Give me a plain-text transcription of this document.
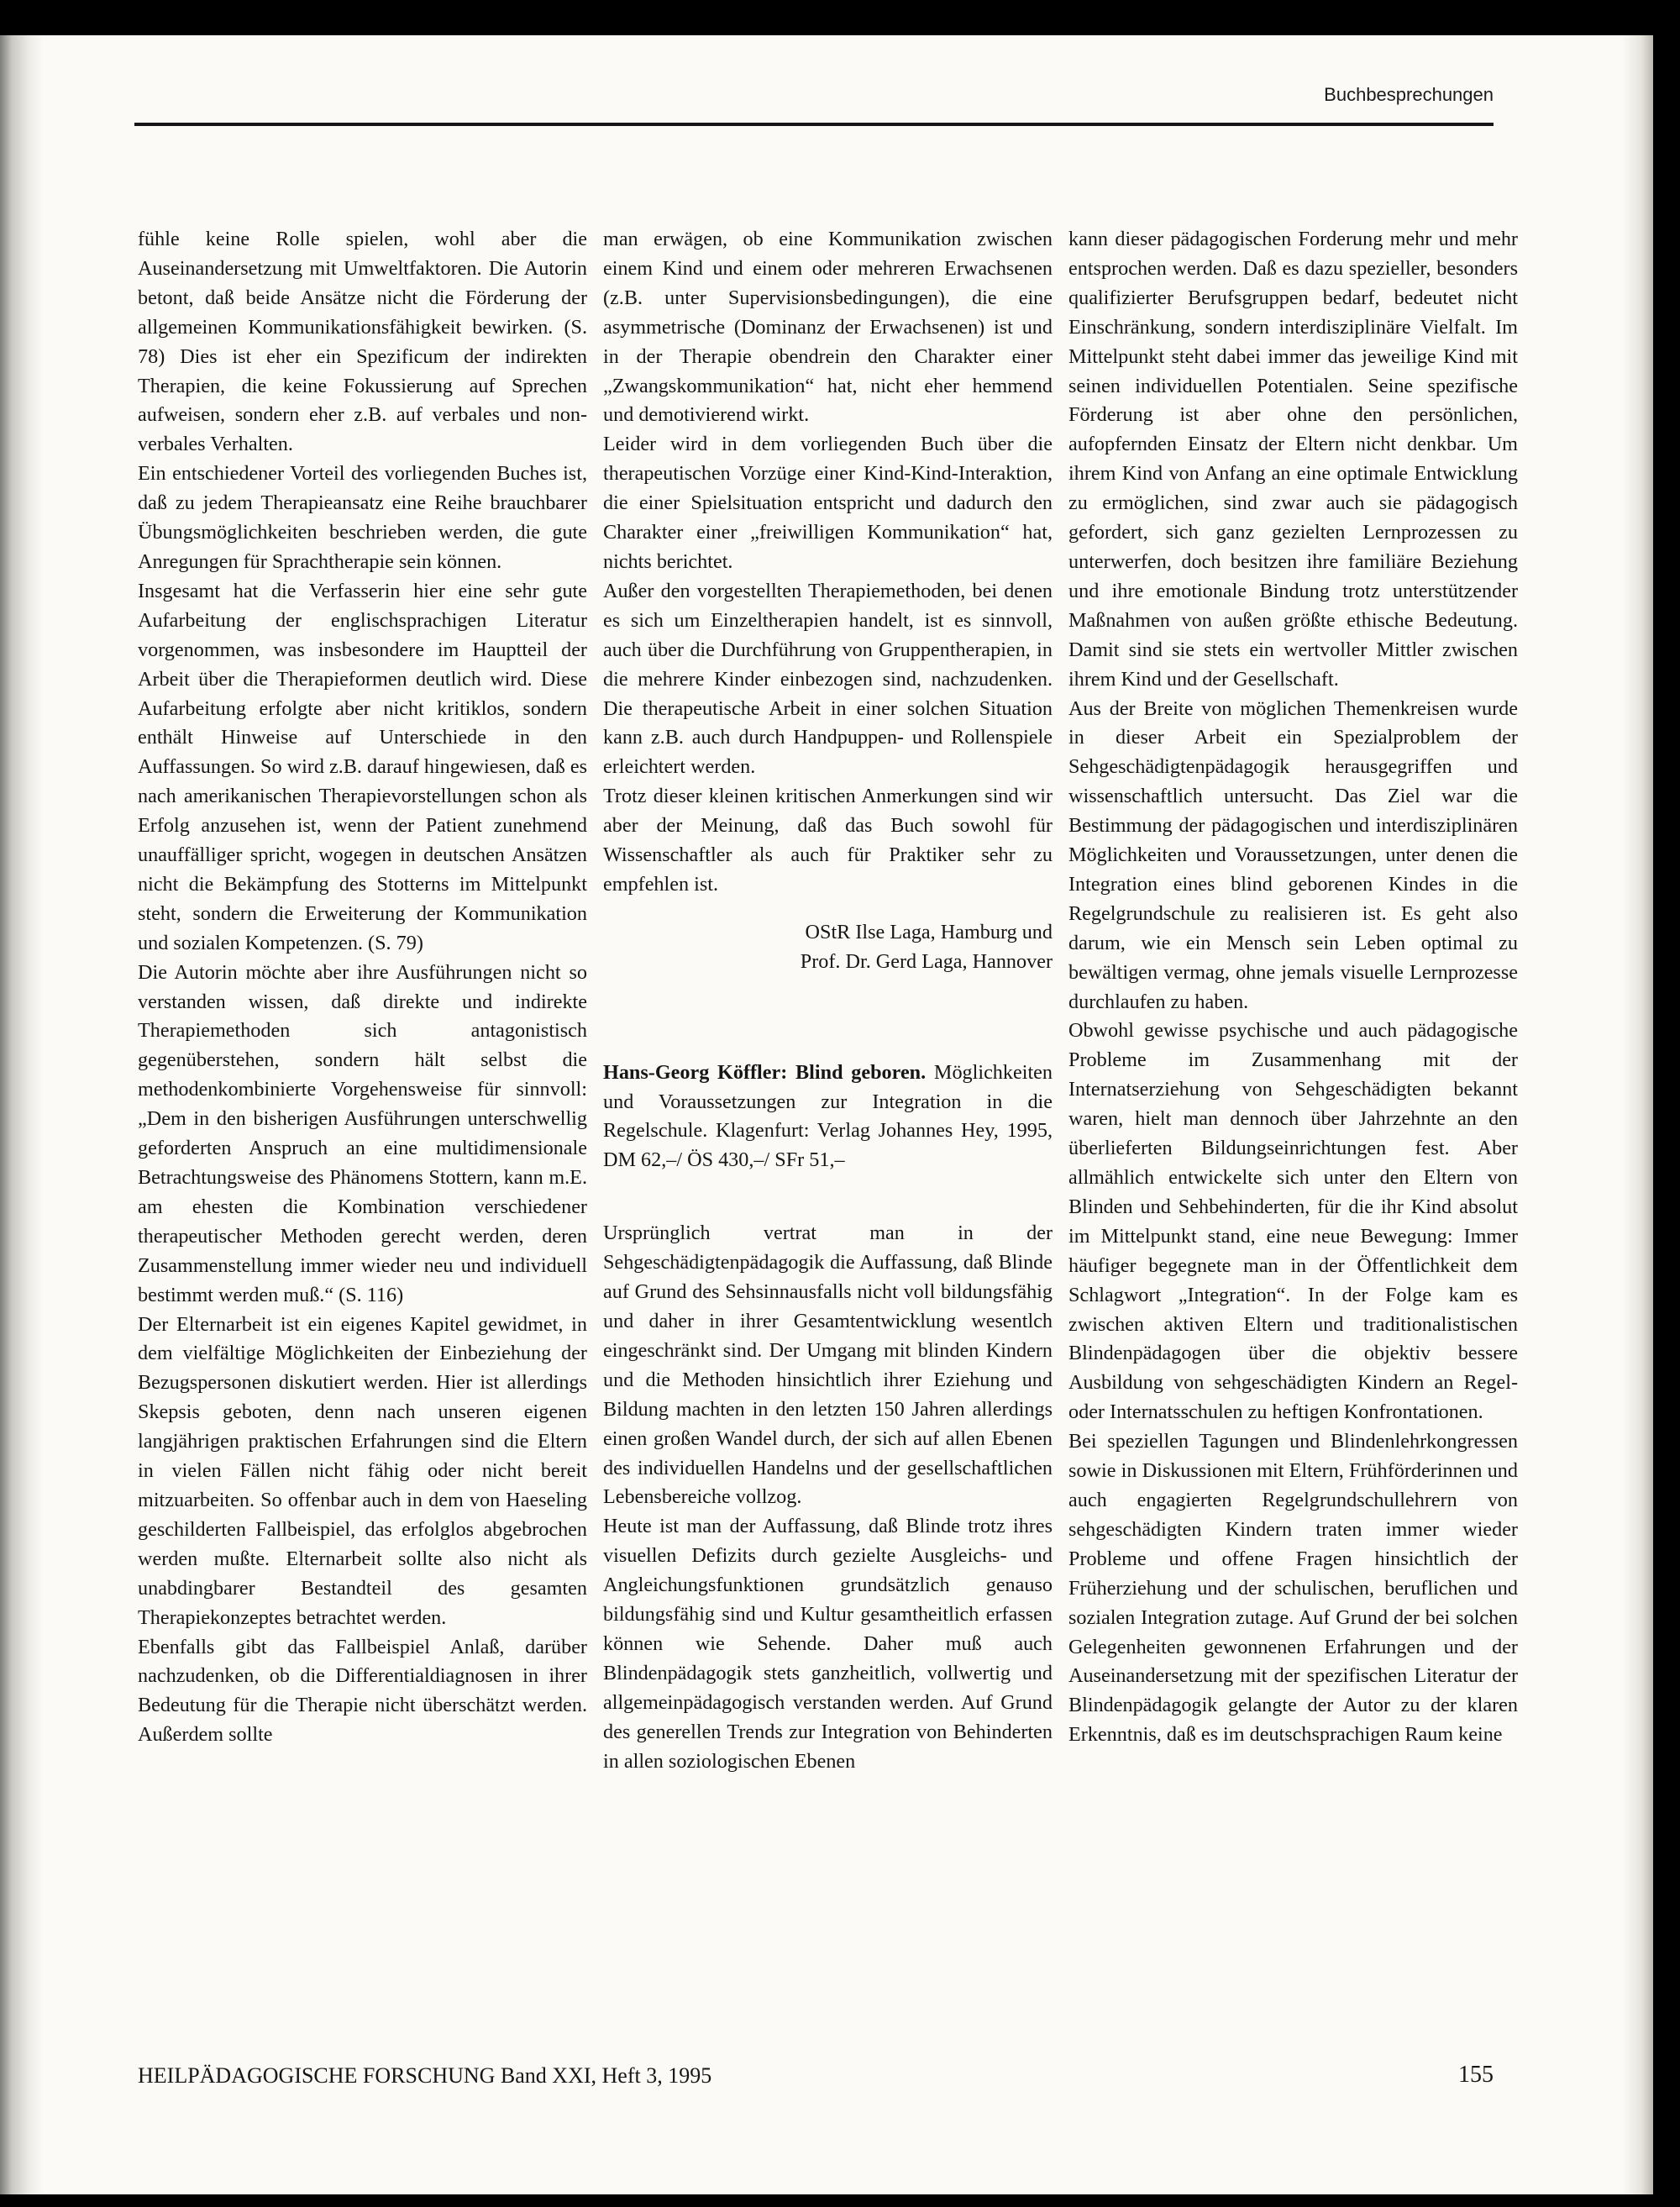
Buchbesprechungen

fühle keine Rolle spielen, wohl aber die Auseinandersetzung mit Umweltfaktoren. Die Autorin betont, daß beide Ansätze nicht die Förderung der allgemeinen Kommunikationsfähigkeit bewirken. (S. 78) Dies ist eher ein Spezificum der indirekten Therapien, die keine Fokussierung auf Sprechen aufweisen, sondern eher z.B. auf verbales und non-verbales Verhalten.

Ein entschiedener Vorteil des vorliegenden Buches ist, daß zu jedem Therapieansatz eine Reihe brauchbarer Übungsmöglichkeiten beschrieben werden, die gute Anregungen für Sprachtherapie sein können.

Insgesamt hat die Verfasserin hier eine sehr gute Aufarbeitung der englischsprachigen Literatur vorgenommen, was insbesondere im Hauptteil der Arbeit über die Therapieformen deutlich wird. Diese Aufarbeitung erfolgte aber nicht kritiklos, sondern enthält Hinweise auf Unterschiede in den Auffassungen. So wird z.B. darauf hingewiesen, daß es nach amerikanischen Therapievorstellungen schon als Erfolg anzusehen ist, wenn der Patient zunehmend unauffälliger spricht, wogegen in deutschen Ansätzen nicht die Bekämpfung des Stotterns im Mittelpunkt steht, sondern die Erweiterung der Kommunikation und sozialen Kompetenzen. (S. 79)

Die Autorin möchte aber ihre Ausführungen nicht so verstanden wissen, daß direkte und indirekte Therapiemethoden sich antagonistisch gegenüberstehen, sondern hält selbst die methodenkombinierte Vorgehensweise für sinnvoll: „Dem in den bisherigen Ausführungen unterschwellig geforderten Anspruch an eine multidimensionale Betrachtungsweise des Phänomens Stottern, kann m.E. am ehesten die Kombination verschiedener therapeutischer Methoden gerecht werden, deren Zusammenstellung immer wieder neu und individuell bestimmt werden muß.“ (S. 116)

Der Elternarbeit ist ein eigenes Kapitel gewidmet, in dem vielfältige Möglichkeiten der Einbeziehung der Bezugspersonen diskutiert werden. Hier ist allerdings Skepsis geboten, denn nach unseren eigenen langjährigen praktischen Erfahrungen sind die Eltern in vielen Fällen nicht fähig oder nicht bereit mitzuarbeiten. So offenbar auch in dem von Haeseling geschilderten Fallbeispiel, das erfolglos abgebrochen werden mußte. Elternarbeit sollte also nicht als unabdingbarer Bestandteil des gesamten Therapiekonzeptes betrachtet werden.

Ebenfalls gibt das Fallbeispiel Anlaß, darüber nachzudenken, ob die Differentialdiagnosen in ihrer Bedeutung für die Therapie nicht überschätzt werden. Außerdem sollte

man erwägen, ob eine Kommunikation zwischen einem Kind und einem oder mehreren Erwachsenen (z.B. unter Supervisionsbedingungen), die eine asymmetrische (Dominanz der Erwachsenen) ist und in der Therapie obendrein den Charakter einer „Zwangskommunikation“ hat, nicht eher hemmend und demotivierend wirkt.

Leider wird in dem vorliegenden Buch über die therapeutischen Vorzüge einer Kind-Kind-Interaktion, die einer Spielsituation entspricht und dadurch den Charakter einer „freiwilligen Kommunikation“ hat, nichts berichtet.

Außer den vorgestellten Therapiemethoden, bei denen es sich um Einzeltherapien handelt, ist es sinnvoll, auch über die Durchführung von Gruppentherapien, in die mehrere Kinder einbezogen sind, nachzudenken. Die therapeutische Arbeit in einer solchen Situation kann z.B. auch durch Handpuppen- und Rollenspiele erleichtert werden.

Trotz dieser kleinen kritischen Anmerkungen sind wir aber der Meinung, daß das Buch sowohl für Wissenschaftler als auch für Praktiker sehr zu empfehlen ist.

OStR Ilse Laga, Hamburg und

Prof. Dr. Gerd Laga, Hannover

Hans-Georg Köffler: Blind geboren. Möglichkeiten und Voraussetzungen zur Integration in die Regelschule. Klagenfurt: Verlag Johannes Hey, 1995, DM 62,–/ ÖS 430,–/ SFr 51,–

Ursprünglich vertrat man in der Sehgeschädigtenpädagogik die Auffassung, daß Blinde auf Grund des Sehsinnausfalls nicht voll bildungsfähig und daher in ihrer Gesamtentwicklung wesentlch eingeschränkt sind. Der Umgang mit blinden Kindern und die Methoden hinsichtlich ihrer Eziehung und Bildung machten in den letzten 150 Jahren allerdings einen großen Wandel durch, der sich auf allen Ebenen des individuellen Handelns und der gesellschaftlichen Lebensbereiche vollzog.

Heute ist man der Auffassung, daß Blinde trotz ihres visuellen Defizits durch gezielte Ausgleichs- und Angleichungsfunktionen grundsätzlich genauso bildungsfähig sind und Kultur gesamtheitlich erfassen können wie Sehende. Daher muß auch Blindenpädagogik stets ganzheitlich, vollwertig und allgemeinpädagogisch verstanden werden. Auf Grund des generellen Trends zur Integration von Behinderten in allen soziologischen Ebenen

kann dieser pädagogischen Forderung mehr und mehr entsprochen werden. Daß es dazu spezieller, besonders qualifizierter Berufsgruppen bedarf, bedeutet nicht Einschränkung, sondern interdisziplinäre Vielfalt. Im Mittelpunkt steht dabei immer das jeweilige Kind mit seinen individuellen Potentialen. Seine spezifische Förderung ist aber ohne den persönlichen, aufopfernden Einsatz der Eltern nicht denkbar. Um ihrem Kind von Anfang an eine optimale Entwicklung zu ermöglichen, sind zwar auch sie pädagogisch gefordert, sich ganz gezielten Lernprozessen zu unterwerfen, doch besitzen ihre familiäre Beziehung und ihre emotionale Bindung trotz unterstützender Maßnahmen von außen größte ethische Bedeutung. Damit sind sie stets ein wertvoller Mittler zwischen ihrem Kind und der Gesellschaft.

Aus der Breite von möglichen Themenkreisen wurde in dieser Arbeit ein Spezialproblem der Sehgeschädigtenpädagogik herausgegriffen und wissenschaftlich untersucht. Das Ziel war die Bestimmung der pädagogischen und interdisziplinären Möglichkeiten und Voraussetzungen, unter denen die Integration eines blind geborenen Kindes in die Regelgrundschule zu realisieren ist. Es geht also darum, wie ein Mensch sein Leben optimal zu bewältigen vermag, ohne jemals visuelle Lernprozesse durchlaufen zu haben.

Obwohl gewisse psychische und auch pädagogische Probleme im Zusammenhang mit der Internatserziehung von Sehgeschädigten bekannt waren, hielt man dennoch über Jahrzehnte an den überlieferten Bildungseinrichtungen fest. Aber allmählich entwickelte sich unter den Eltern von Blinden und Sehbehinderten, für die ihr Kind absolut im Mittelpunkt stand, eine neue Bewegung: Immer häufiger begegnete man in der Öffentlichkeit dem Schlagwort „Integration“. In der Folge kam es zwischen aktiven Eltern und traditionalistischen Blindenpädagogen über die objektiv bessere Ausbildung von sehgeschädigten Kindern an Regel- oder Internatsschulen zu heftigen Konfrontationen.

Bei speziellen Tagungen und Blindenlehrkongressen sowie in Diskussionen mit Eltern, Frühförderinnen und auch engagierten Regelgrundschullehrern von sehgeschädigten Kindern traten immer wieder Probleme und offene Fragen hinsichtlich der Früherziehung und der schulischen, beruflichen und sozialen Integration zutage. Auf Grund der bei solchen Gelegenheiten gewonnenen Erfahrungen und der Auseinandersetzung mit der spezifischen Literatur der Blindenpädagogik gelangte der Autor zu der klaren Erkenntnis, daß es im deutschsprachigen Raum keine

HEILPÄDAGOGISCHE FORSCHUNG Band XXI, Heft 3, 1995	155
